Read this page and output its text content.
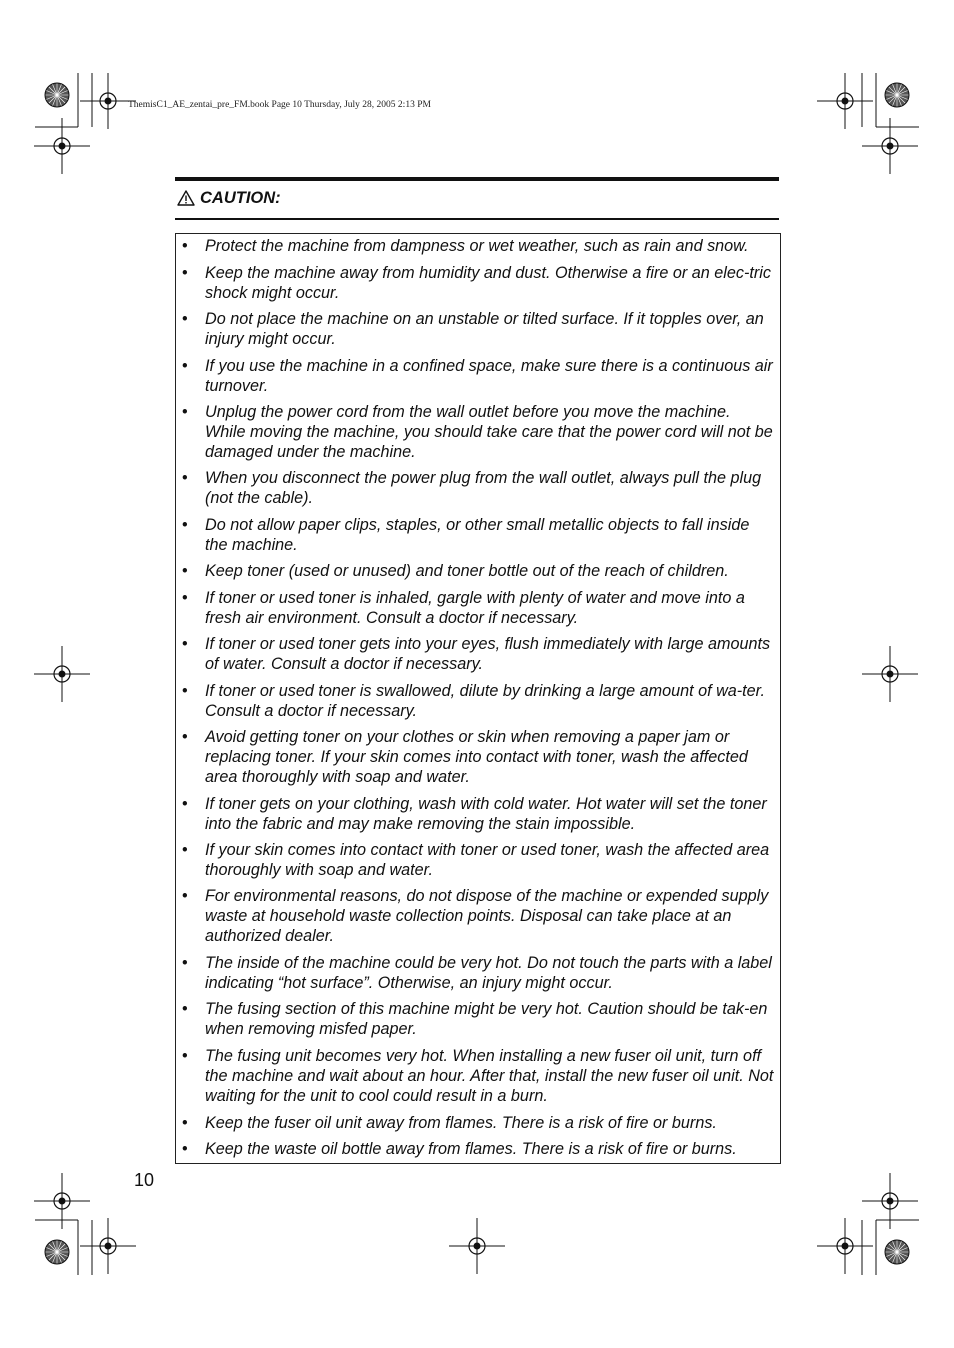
ThemisC1_AE_zentai_pre_FM.book Page 10 Thursday, July 28, 2005 2:13 PM
CAUTION:
• Protect the machine from dampness or wet weather, such as rain and snow.
• Keep the machine away from humidity and dust. Otherwise a fire or an elec-tric shock might occur.
• Do not place the machine on an unstable or tilted surface. If it topples over, an injury might occur.
• If you use the machine in a confined space, make sure there is a continuous air turnover.
• Unplug the power cord from the wall outlet before you move the machine. While moving the machine, you should take care that the power cord will not be damaged under the machine.
• When you disconnect the power plug from the wall outlet, always pull the plug (not the cable).
• Do not allow paper clips, staples, or other small metallic objects to fall inside the machine.
• Keep toner (used or unused) and toner bottle out of the reach of children.
• If toner or used toner is inhaled, gargle with plenty of water and move into a fresh air environment. Consult a doctor if necessary.
• If toner or used toner gets into your eyes, flush immediately with large amounts of water. Consult a doctor if necessary.
• If toner or used toner is swallowed, dilute by drinking a large amount of wa-ter. Consult a doctor if necessary.
• Avoid getting toner on your clothes or skin when removing a paper jam or replacing toner. If your skin comes into contact with toner, wash the affected area thoroughly with soap and water.
• If toner gets on your clothing, wash with cold water. Hot water will set the toner into the fabric and may make removing the stain impossible.
• If your skin comes into contact with toner or used toner, wash the affected area thoroughly with soap and water.
• For environmental reasons, do not dispose of the machine or expended supply waste at household waste collection points. Disposal can take place at an authorized dealer.
• The inside of the machine could be very hot. Do not touch the parts with a label indicating “hot surface”. Otherwise, an injury might occur.
• The fusing section of this machine might be very hot. Caution should be tak-en when removing misfed paper.
• The fusing unit becomes very hot. When installing a new fuser oil unit, turn off the machine and wait about an hour. After that, install the new fuser oil unit. Not waiting for the unit to cool could result in a burn.
• Keep the fuser oil unit away from flames. There is a risk of fire or burns.
• Keep the waste oil bottle away from flames. There is a risk of fire or burns.
10
